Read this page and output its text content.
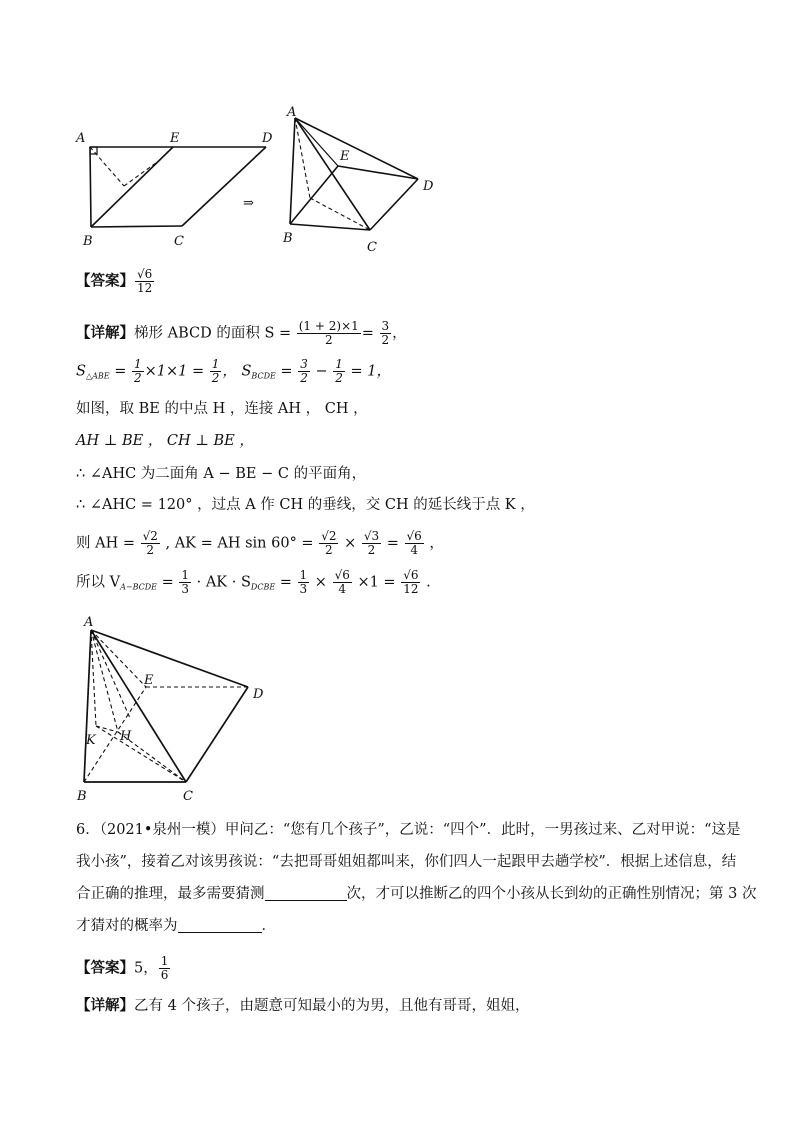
A	E	D
B	C
⇒
A
E
D
B
C
【答案】 $\frac{√6}{12}$
【详解】梯形 ABCD 的面积 $S = \frac{(1 + 2)\times 1}{2} = \frac{3}{2}$ ，
$S_{\triangle ABE} = \frac{1}{2} \times 1\times 1 = \frac{1}{2}$ ， $S_{BCDE} = \frac{3}{2} - \frac{1}{2} = 1$，
如图，取 BE 的中点 H ，连接 AH ， CH ，
AH ⊥ BE ， CH ⊥ BE ，
∴ ∠AHC 为二面角 A − BE − C 的平面角，
∴ ∠AHC = 120° ，过点 A 作 CH 的垂线，交 CH 的延长线于点 K ，
则 AH = $\frac{√2}{2}$ , AK = AH $\sin 60^\circ = \frac{√2}{2} \times \frac{√3}{2} = \frac{√6}{4}$ ，
所以 $V_{A-BCDE} = \frac{1}{3}$ · AK · $S_{DCBE} = \frac{1}{3} \times \frac{√6}{4} \times 1 = \frac{√6}{12}$ .
A
E
D
K H
B	C
6．（2021•泉州一模）甲问乙：“您有几个孩子”，乙说：“四个”．此时，一男孩过来、乙对甲说：“这是
我小孩”，接着乙对该男孩说：“去把哥哥姐姐都叫来，你们四人一起跟甲去趟学校”．根据上述信息，结
合正确的推理，最多需要猜测	次，才可以推断乙的四个小孩从长到幼的正确性别情况；第 3 次
才猜对的概率为	．
【答案】5， $\frac{1}{6}$
【详解】乙有 4 个孩子，由题意可知最小的为男，且他有哥哥，姐姐，
